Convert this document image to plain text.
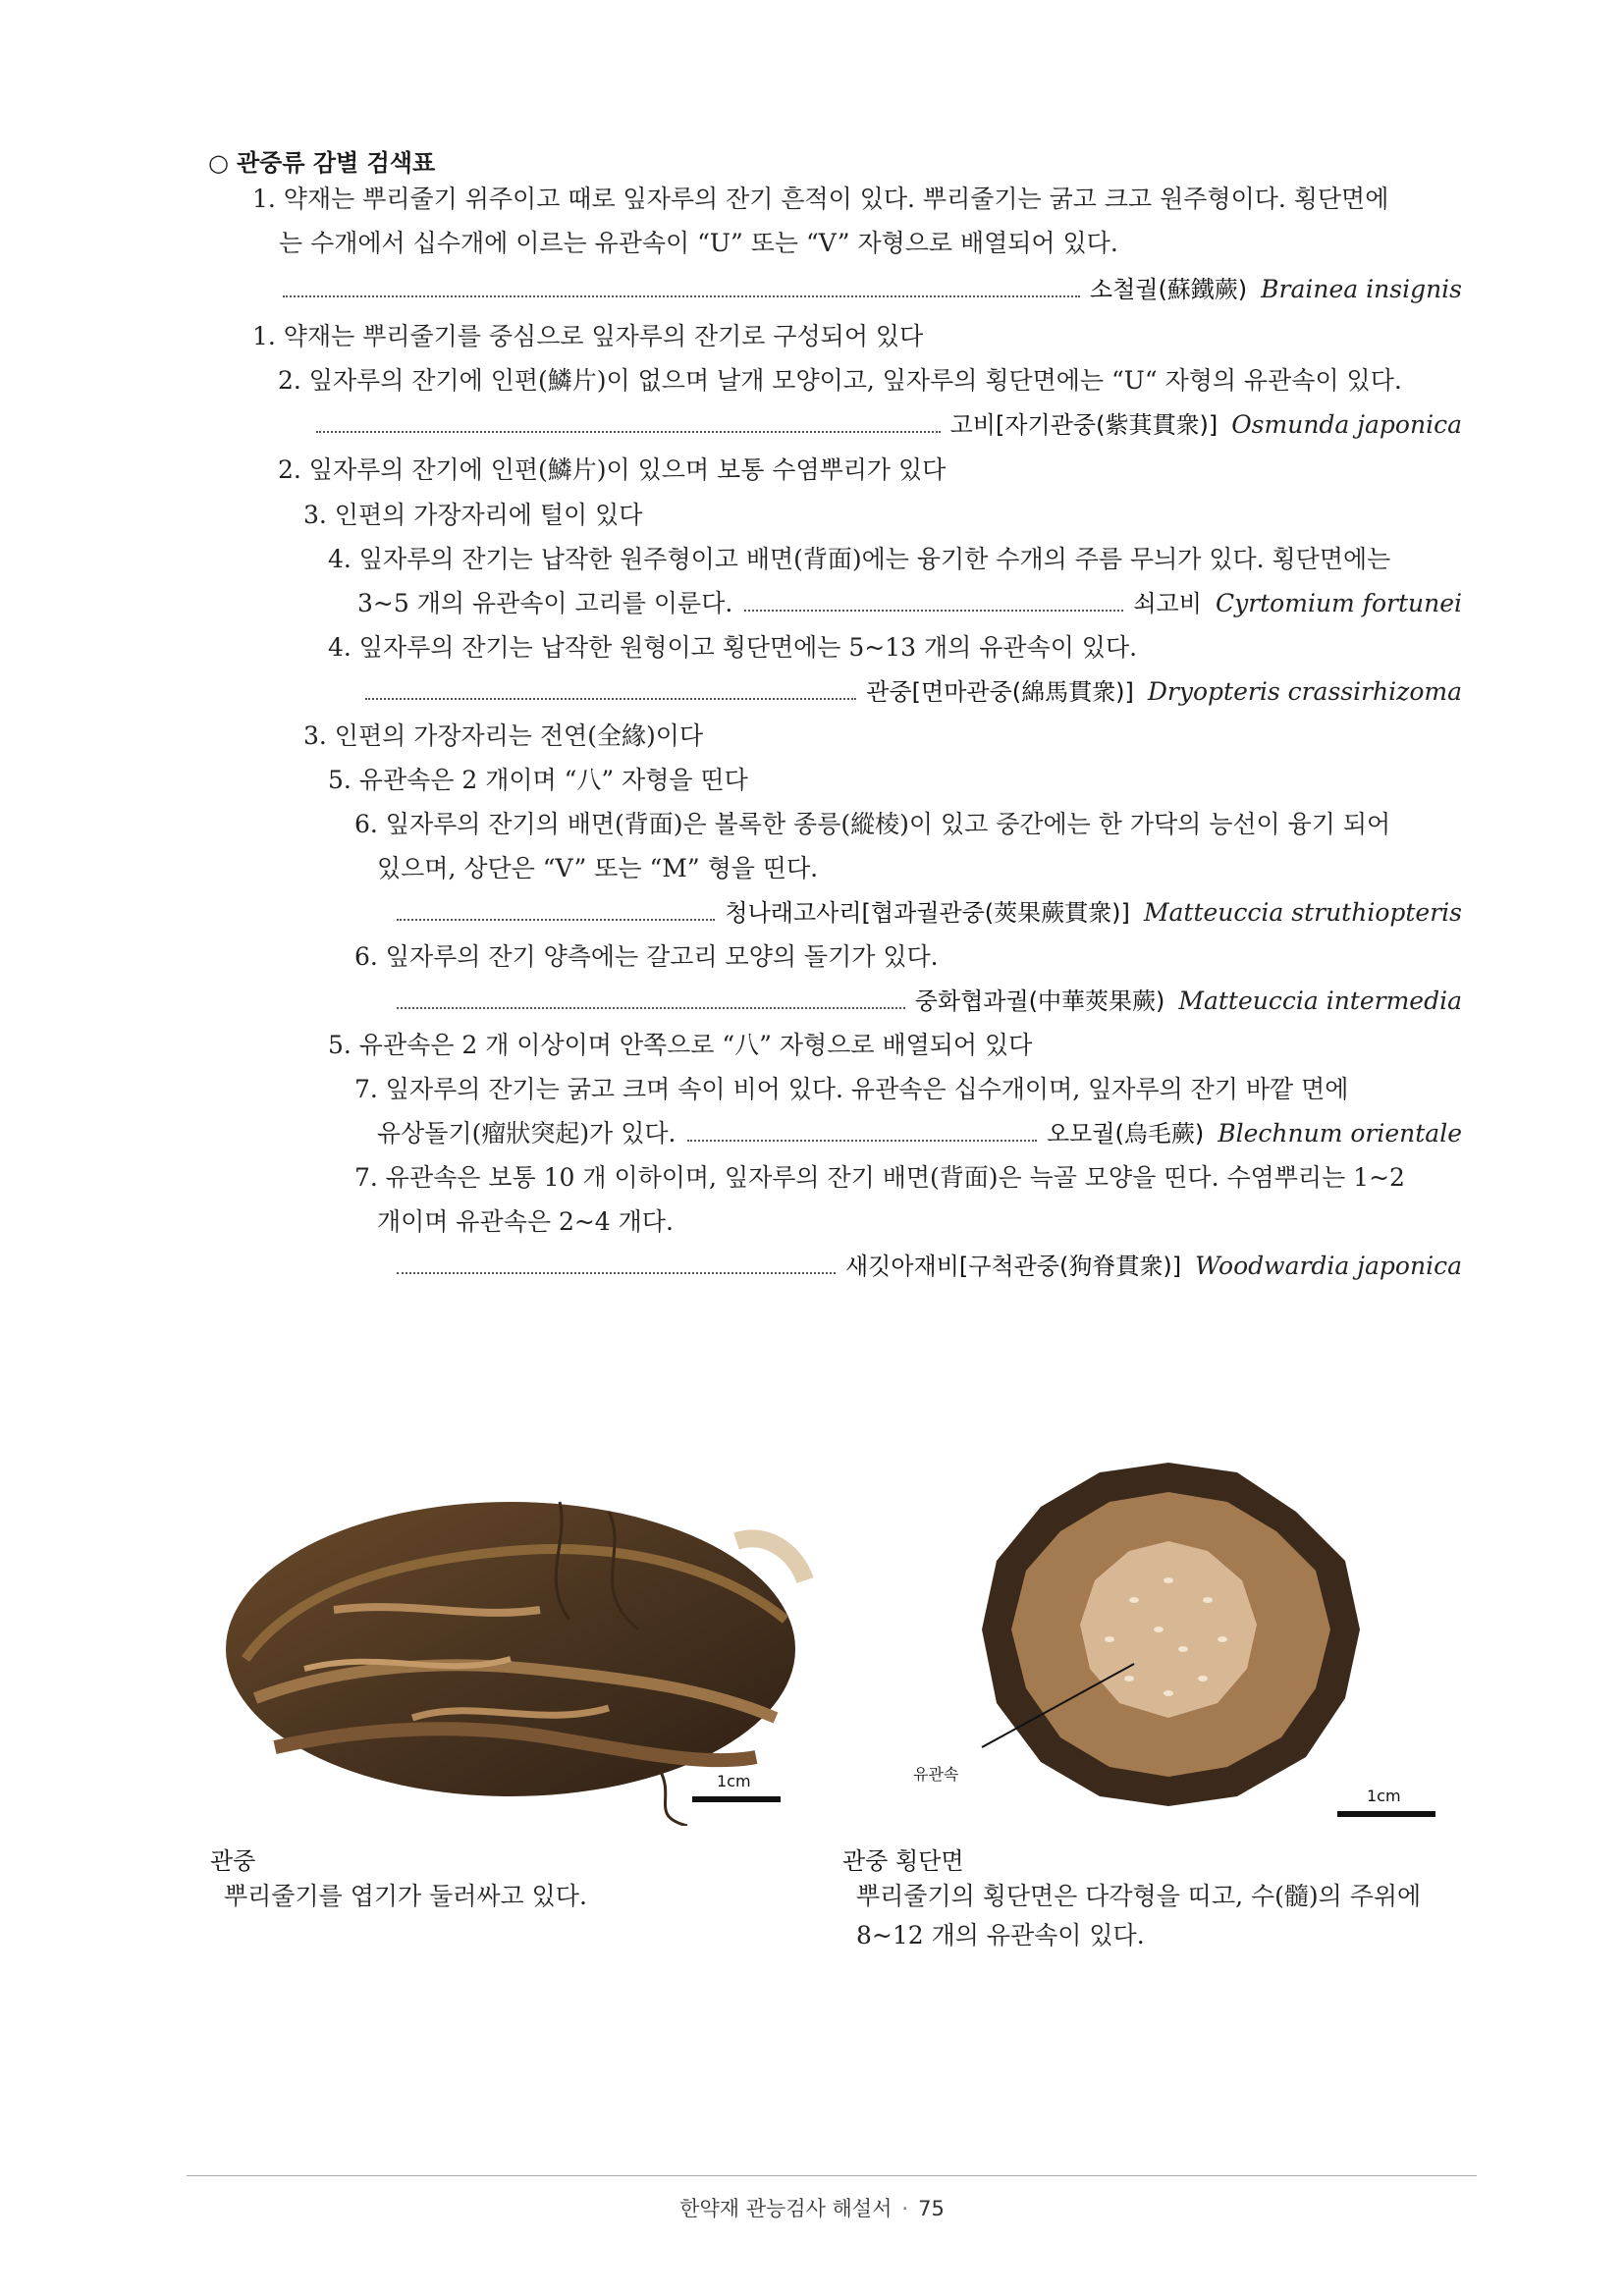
○ 관중류 감별 검색표
1. 약재는 뿌리줄기 위주이고 때로 잎자루의 잔기 흔적이 있다. 뿌리줄기는 굵고 크고 원주형이다. 횡단면에
는 수개에서 십수개에 이르는 유관속이 “U” 또는 “V” 자형으로 배열되어 있다.
소철궐(蘇鐵蕨) Brainea insignis
1. 약재는 뿌리줄기를 중심으로 잎자루의 잔기로 구성되어 있다
2. 잎자루의 잔기에 인편(鱗片)이 없으며 날개 모양이고, 잎자루의 횡단면에는 “U“ 자형의 유관속이 있다.
고비[자기관중(紫萁貫衆)] Osmunda japonica
2. 잎자루의 잔기에 인편(鱗片)이 있으며 보통 수염뿌리가 있다
3. 인편의 가장자리에 털이 있다
4. 잎자루의 잔기는 납작한 원주형이고 배면(背面)에는 융기한 수개의 주름 무늬가 있다. 횡단면에는
3~5 개의 유관속이 고리를 이룬다.	쇠고비 Cyrtomium fortunei
4. 잎자루의 잔기는 납작한 원형이고 횡단면에는 5~13 개의 유관속이 있다.
관중[면마관중(綿馬貫衆)] Dryopteris crassirhizoma
3. 인편의 가장자리는 전연(全緣)이다
5. 유관속은 2 개이며 “八” 자형을 띤다
6. 잎자루의 잔기의 배면(背面)은 볼록한 종릉(縱棱)이 있고 중간에는 한 가닥의 능선이 융기 되어
있으며, 상단은 “V” 또는 “M” 형을 띤다.
청나래고사리[협과궐관중(莢果蕨貫衆)] Matteuccia struthiopteris
6. 잎자루의 잔기 양측에는 갈고리 모양의 돌기가 있다.
중화협과궐(中華莢果蕨) Matteuccia intermedia
5. 유관속은 2 개 이상이며 안쪽으로 “八” 자형으로 배열되어 있다
7. 잎자루의 잔기는 굵고 크며 속이 비어 있다. 유관속은 십수개이며, 잎자루의 잔기 바깥 면에
유상돌기(瘤狀突起)가 있다.	오모궐(烏毛蕨) Blechnum orientale
7. 유관속은 보통 10 개 이하이며, 잎자루의 잔기 배면(背面)은 늑골 모양을 띤다. 수염뿌리는 1~2
개이며 유관속은 2~4 개다.
새깃아재비[구척관중(狗脊貫衆)] Woodwardia japonica
1cm	유관속
1cm
관중
뿌리줄기를 엽기가 둘러싸고 있다.
관중 횡단면
뿌리줄기의 횡단면은 다각형을 띠고, 수(髓)의 주위에
8~12 개의 유관속이 있다.
한약재 관능검사 해설서 · 75
